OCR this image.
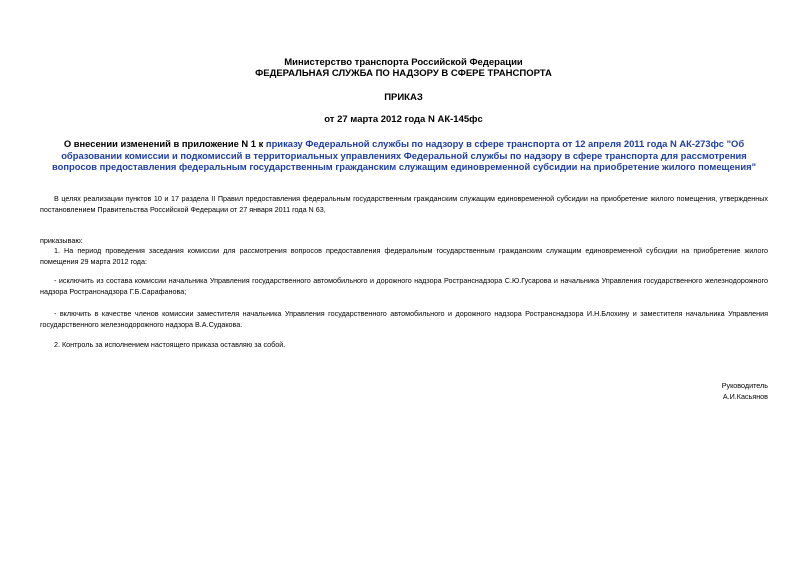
Министерство транспорта Российской Федерации
ФЕДЕРАЛЬНАЯ СЛУЖБА ПО НАДЗОРУ В СФЕРЕ ТРАНСПОРТА
ПРИКАЗ
от 27 марта 2012 года N АК-145фс
О внесении изменений в приложение N 1 к приказу Федеральной службы по надзору в сфере транспорта от 12 апреля 2011 года N АК-273фс "Об образовании комиссии и подкомиссий в территориальных управлениях Федеральной службы по надзору в сфере транспорта для рассмотрения вопросов предоставления федеральным государственным гражданским служащим единовременной субсидии на приобретение жилого помещения"
В целях реализации пунктов 10 и 17 раздела II Правил предоставления федеральным государственным гражданским служащим единовременной субсидии на приобретение жилого помещения, утвержденных постановлением Правительства Российской Федерации от 27 января 2011 года N 63,
приказываю:
1. На период проведения заседания комиссии для рассмотрения вопросов предоставления федеральным государственным гражданским служащим единовременной субсидии на приобретение жилого помещения 29 марта 2012 года:
- исключить из состава комиссии начальника Управления государственного автомобильного и дорожного надзора Ространснадзора С.Ю.Гусарова и начальника Управления государственного железнодорожного надзора Ространснадзора Г.Б.Сарафанова;
- включить в качестве членов комиссии заместителя начальника Управления государственного автомобильного и дорожного надзора Ространснадзора И.Н.Блохину и заместителя начальника Управления государственного железнодорожного надзора В.А.Судакова.
2. Контроль за исполнением настоящего приказа оставляю за собой.
Руководитель
А.И.Касьянов
